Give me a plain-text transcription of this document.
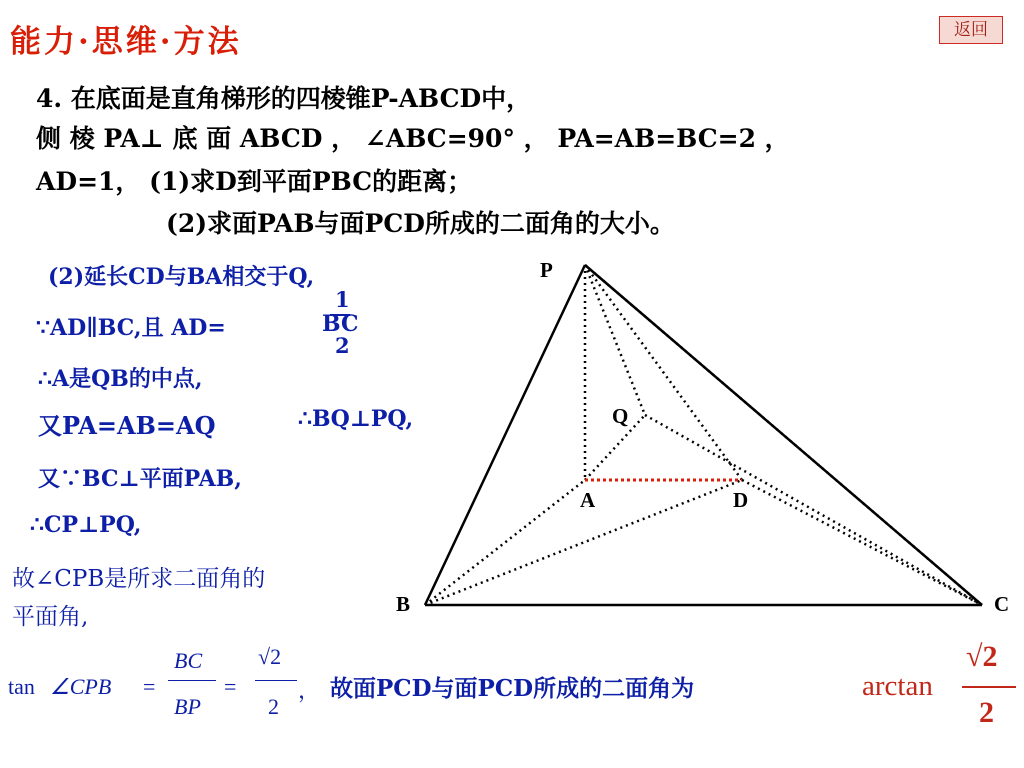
能力·思维·方法	返回
4. 在底面是直角梯形的四棱锥P-ABCD中，
侧 棱 PA⊥ 底 面 ABCD ， ∠ABC=90° ， PA=AB=BC=2 ，
AD=1， (1)求D到平面PBC的距离；
(2)求面PAB与面PCD所成的二面角的大小。
(2)延长CD与BA相交于Q,
∵AD∥BC,且 AD=
1
2
BC
∴A是QB的中点,
又PA=AB=AQ	∴BQ⊥PQ,
又∵BC⊥平面PAB,
∴CP⊥PQ,
故∠CPB是所求二面角的
平面角,
tan ∠CPB =
BC
BP
=
√2
2
， 故面PCD与面PCD所成的二面角为	arctan
√2
2
P
Q
A	D
B	C
